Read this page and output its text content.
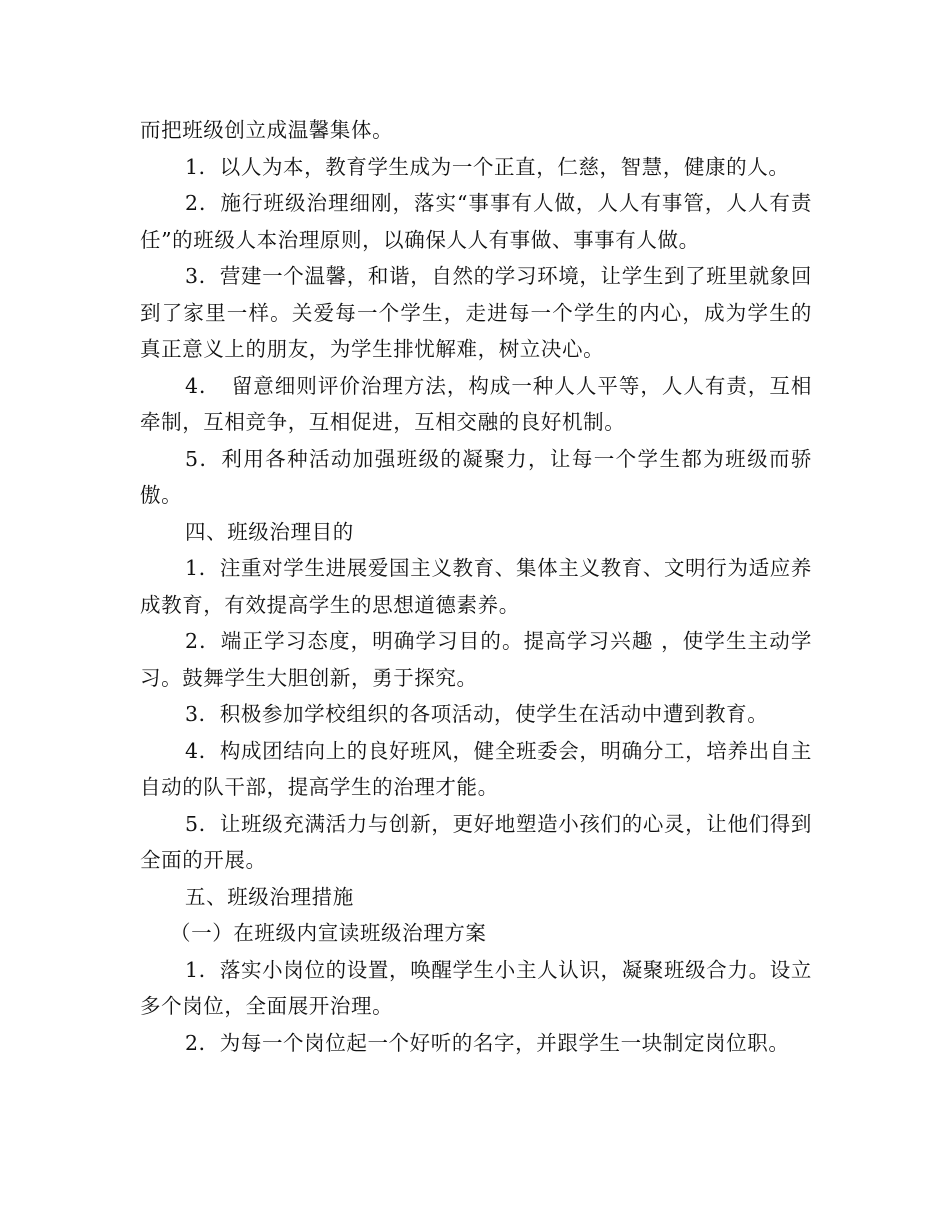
而把班级创立成温馨集体。

1．以人为本，教育学生成为一个正直，仁慈，智慧，健康的人。

2．施行班级治理细刚，落实“事事有人做，人人有事管，人人有责任”的班级人本治理原则，以确保人人有事做、事事有人做。

3．营建一个温馨，和谐，自然的学习环境，让学生到了班里就象回到了家里一样。关爱每一个学生，走进每一个学生的内心，成为学生的真正意义上的朋友，为学生排忧解难，树立决心。

4．　留意细则评价治理方法，构成一种人人平等，人人有责，互相牵制，互相竞争，互相促进，互相交融的良好机制。

5．利用各种活动加强班级的凝聚力，让每一个学生都为班级而骄傲。

四、班级治理目的

1．注重对学生进展爱国主义教育、集体主义教育、文明行为适应养成教育，有效提高学生的思想道德素养。

2．端正学习态度，明确学习目的。提高学习兴趣 ，使学生主动学习。鼓舞学生大胆创新，勇于探究。

3．积极参加学校组织的各项活动，使学生在活动中遭到教育。

4．构成团结向上的良好班风，健全班委会，明确分工，培养出自主自动的队干部，提高学生的治理才能。

5．让班级充满活力与创新，更好地塑造小孩们的心灵，让他们得到全面的开展。

五、班级治理措施

（一）在班级内宣读班级治理方案

1．落实小岗位的设置，唤醒学生小主人认识，凝聚班级合力。设立多个岗位，全面展开治理。

2．为每一个岗位起一个好听的名字，并跟学生一块制定岗位职。
